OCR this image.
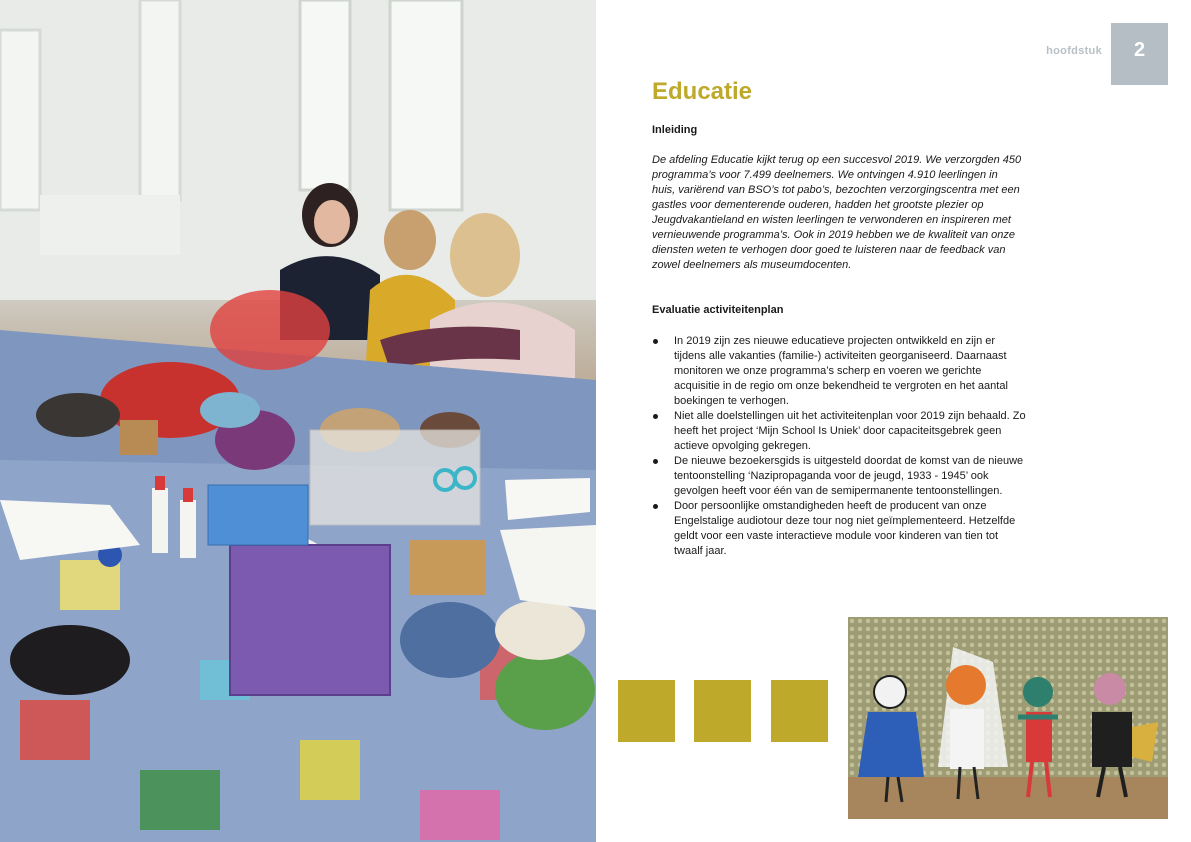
hoofdstuk	2
Educatie
Inleiding

De afdeling Educatie kijkt terug op een succesvol 2019. We verzorgden 450 programma’s voor 7.499 deelnemers. We ontvingen 4.910 leerlingen in huis, variërend van BSO’s tot pabo’s, bezochten verzorgingscentra met een gastles voor dementerende ouderen, hadden het grootste plezier op Jeugdvakantieland en wisten leerlingen te verwonderen en inspireren met vernieuwende programma’s. Ook in 2019 hebben we de kwaliteit van onze diensten weten te verhogen door goed te luisteren naar de feedback van zowel deelnemers als museumdocenten.

Evaluatie activiteitenplan
In 2019 zijn zes nieuwe educatieve projecten ontwikkeld en zijn er tijdens alle vakanties (familie-) activiteiten georganiseerd. Daarnaast monitoren we onze programma’s scherp en voeren we gerichte acquisitie in de regio om onze bekendheid te vergroten en het aantal boekingen te verhogen.
Niet alle doelstellingen uit het activiteitenplan voor 2019 zijn behaald. Zo heeft het project ‘Mijn School Is Uniek’ door capaciteitsgebrek geen actieve opvolging gekregen.
De nieuwe bezoekersgids is uitgesteld doordat de komst van de nieuwe tentoonstelling ‘Nazipropaganda voor de jeugd, 1933 - 1945’ ook gevolgen heeft voor één van de semipermanente tentoonstellingen.
Door persoonlijke omstandigheden heeft de producent van onze Engelstalige audiotour deze tour nog niet geïmplementeerd. Hetzelfde geldt voor een vaste interactieve module voor kinderen van tien tot twaalf jaar.
